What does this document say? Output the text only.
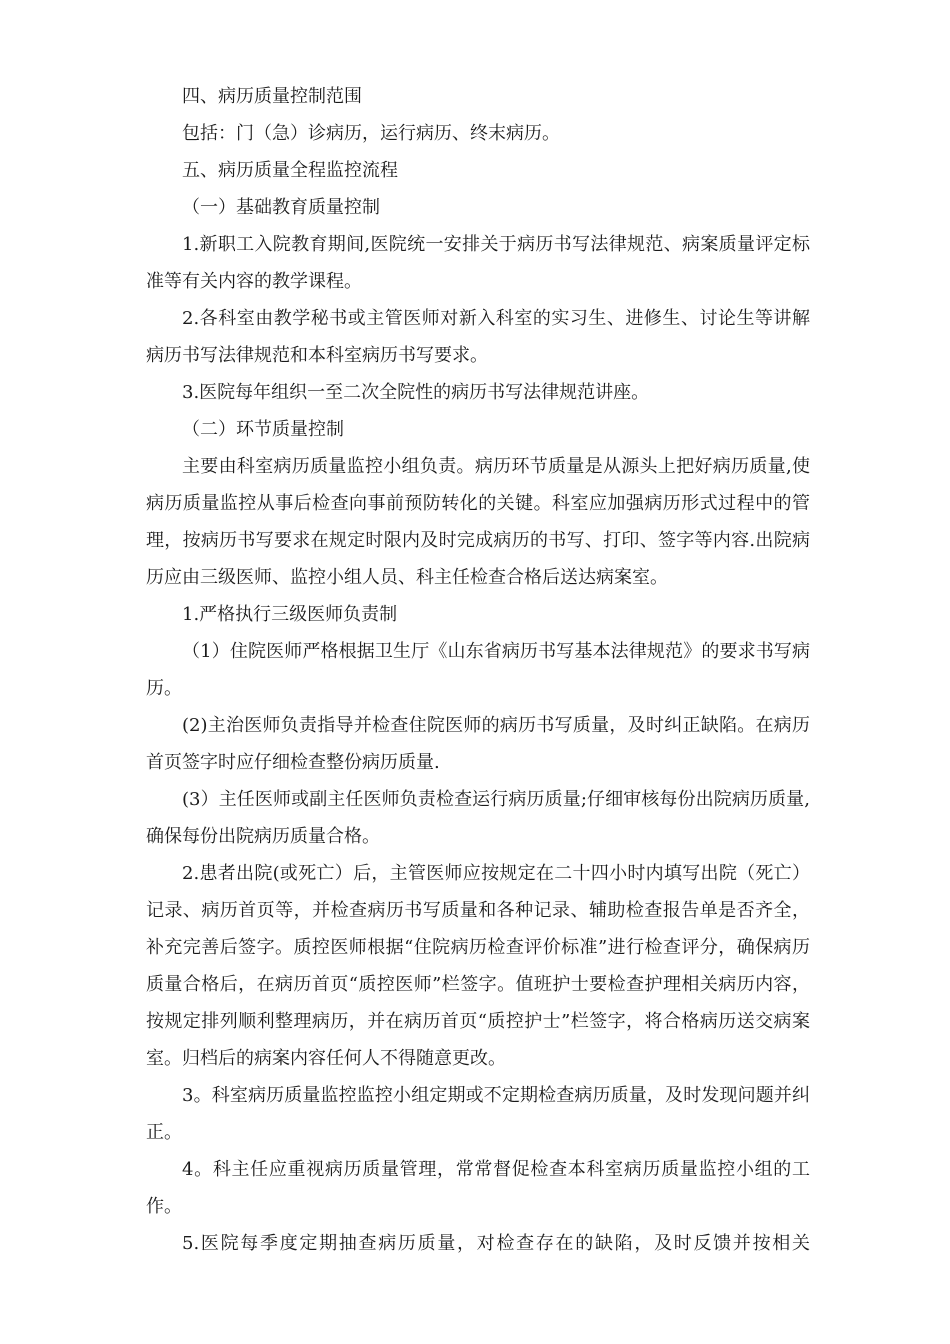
四、病历质量控制范围

包括：门（急）诊病历，运行病历、终末病历。

五、病历质量全程监控流程

（一）基础教育质量控制

1.新职工入院教育期间,医院统一安排关于病历书写法律规范、病案质量评定标准等有关内容的教学课程。

2.各科室由教学秘书或主管医师对新入科室的实习生、进修生、讨论生等讲解病历书写法律规范和本科室病历书写要求。

3.医院每年组织一至二次全院性的病历书写法律规范讲座。

（二）环节质量控制

主要由科室病历质量监控小组负责。病历环节质量是从源头上把好病历质量,使病历质量监控从事后检查向事前预防转化的关键。科室应加强病历形式过程中的管理，按病历书写要求在规定时限内及时完成病历的书写、打印、签字等内容.出院病历应由三级医师、监控小组人员、科主任检查合格后送达病案室。

1.严格执行三级医师负责制

（1）住院医师严格根据卫生厅《山东省病历书写基本法律规范》的要求书写病历。

(2)主治医师负责指导并检查住院医师的病历书写质量，及时纠正缺陷。在病历首页签字时应仔细检查整份病历质量.

(3）主任医师或副主任医师负责检查运行病历质量;仔细审核每份出院病历质量,确保每份出院病历质量合格。

2.患者出院(或死亡）后，主管医师应按规定在二十四小时内填写出院（死亡）记录、病历首页等，并检查病历书写质量和各种记录、辅助检查报告单是否齐全，补充完善后签字。质控医师根据“住院病历检查评价标准”进行检查评分，确保病历质量合格后，在病历首页“质控医师”栏签字。值班护士要检查护理相关病历内容，按规定排列顺利整理病历，并在病历首页“质控护士”栏签字，将合格病历送交病案室。归档后的病案内容任何人不得随意更改。

3。科室病历质量监控监控小组定期或不定期检查病历质量，及时发现问题并纠正。

4。科主任应重视病历质量管理，常常督促检查本科室病历质量监控小组的工作。

5.医院每季度定期抽查病历质量，对检查存在的缺陷，及时反馈并按相关
